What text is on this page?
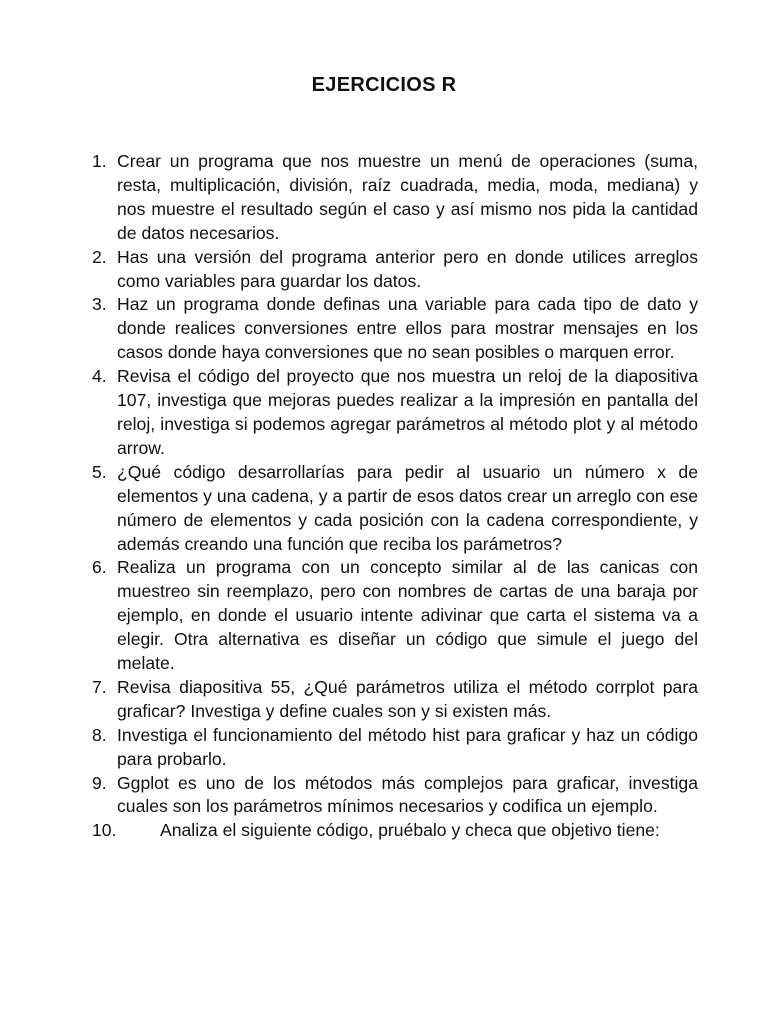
EJERCICIOS R
1. Crear un programa que nos muestre un menú de operaciones (suma, resta, multiplicación, división, raíz cuadrada, media, moda, mediana) y nos muestre el resultado según el caso y así mismo nos pida la cantidad de datos necesarios.
2. Has una versión del programa anterior pero en donde utilices arreglos como variables para guardar los datos.
3. Haz un programa donde definas una variable para cada tipo de dato y donde realices conversiones entre ellos para mostrar mensajes en los casos donde haya conversiones que no sean posibles o marquen error.
4. Revisa el código del proyecto que nos muestra un reloj de la diapositiva 107, investiga que mejoras puedes realizar a la impresión en pantalla del reloj, investiga si podemos agregar parámetros al método plot y al método arrow.
5. ¿Qué código desarrollarías para pedir al usuario un número x de elementos y una cadena, y a partir de esos datos crear un arreglo con ese número de elementos y cada posición con la cadena correspondiente, y además creando una función que reciba los parámetros?
6. Realiza un programa con un concepto similar al de las canicas con muestreo sin reemplazo, pero con nombres de cartas de una baraja por ejemplo, en donde el usuario intente adivinar que carta el sistema va a elegir. Otra alternativa es diseñar un código que simule el juego del melate.
7. Revisa diapositiva 55, ¿Qué parámetros utiliza el método corrplot para graficar? Investiga y define cuales son y si existen más.
8. Investiga el funcionamiento del método hist para graficar y haz un código para probarlo.
9. Ggplot es uno de los métodos más complejos para graficar, investiga cuales son los parámetros mínimos necesarios y codifica un ejemplo.
10. Analiza el siguiente código, pruébalo y checa que objetivo tiene:
